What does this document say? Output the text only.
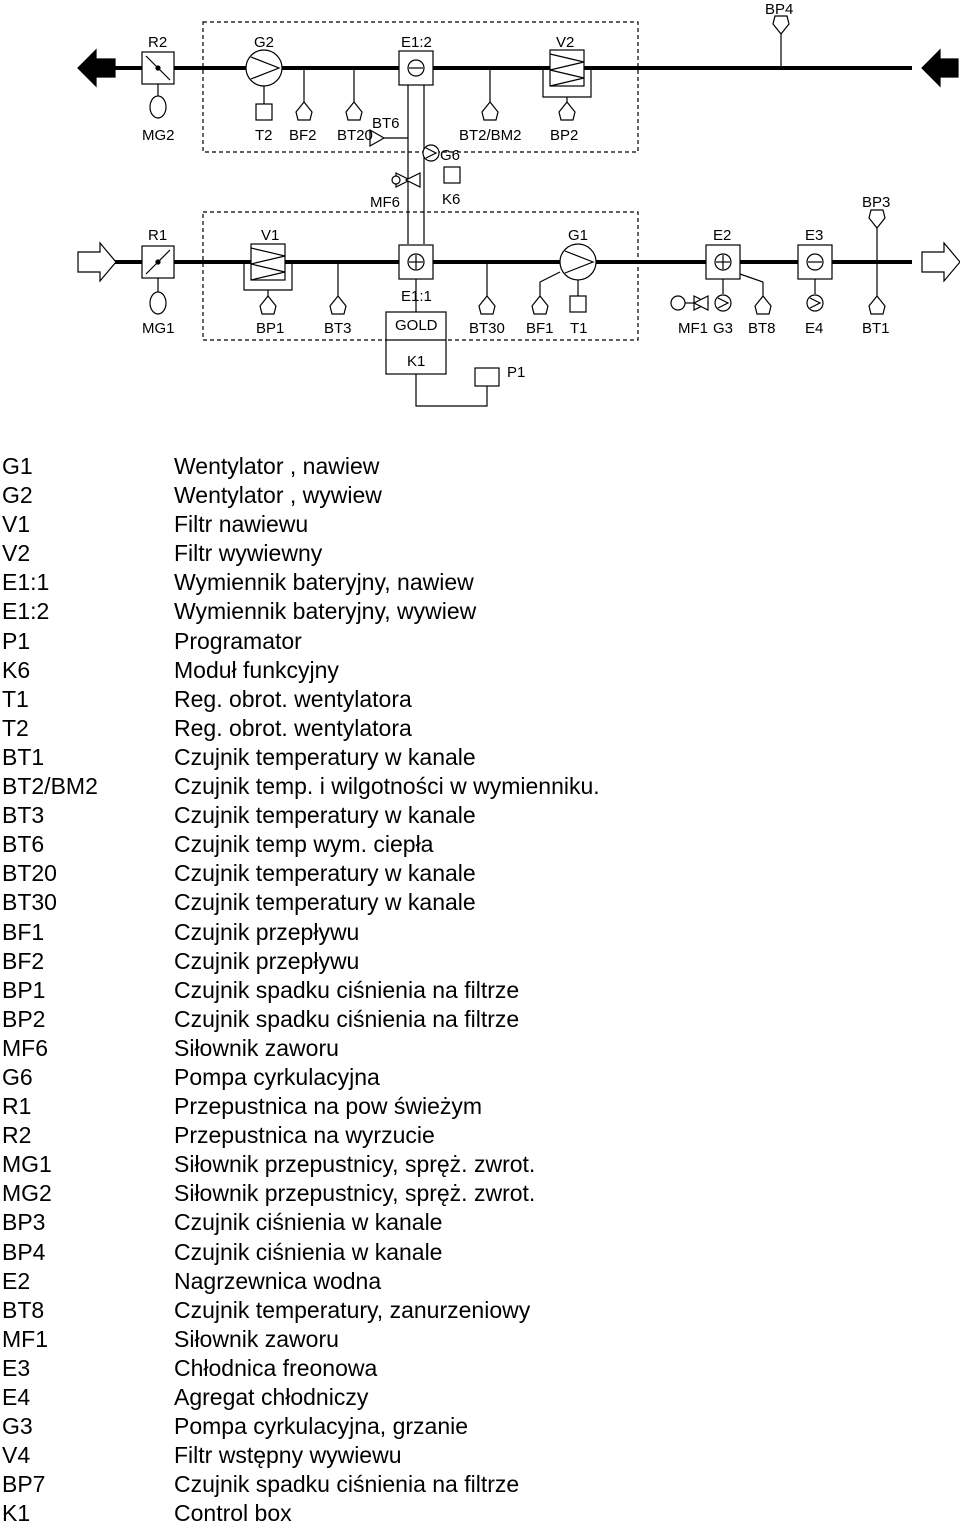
BP4
R2	G2	E1:2	V2
MG2	T2 BF2 BT20
BT6
G6
BT2/BM2 BP2
MF6	K6	BP3
R1	V1	G1	E2	E3
E1:1
MG1	BP1	BT3	GOLD BT30 BF1 T1	MF1 G3 BT8 E4	BT1
K1
P1
G1	Wentylator , nawiew
G2	Wentylator , wywiew
V1	Filtr nawiewu
V2	Filtr wywiewny
E1:1	Wymiennik bateryjny, nawiew
E1:2	Wymiennik bateryjny, wywiew
P1	Programator
K6	Moduł funkcyjny
T1	Reg. obrot. wentylatora
T2	Reg. obrot. wentylatora
BT1	Czujnik temperatury w kanale
BT2/BM2	Czujnik temp. i wilgotności w wymienniku.
BT3	Czujnik temperatury w kanale
BT6	Czujnik temp wym. ciepła
BT20	Czujnik temperatury w kanale
BT30	Czujnik temperatury w kanale
BF1	Czujnik przepływu
BF2	Czujnik przepływu
BP1	Czujnik spadku ciśnienia na filtrze
BP2	Czujnik spadku ciśnienia na filtrze
MF6	Siłownik zaworu
G6	Pompa cyrkulacyjna
R1	Przepustnica na pow świeżym
R2	Przepustnica na wyrzucie
MG1	Siłownik przepustnicy, spręż. zwrot.
MG2	Siłownik przepustnicy, spręż. zwrot.
BP3	Czujnik ciśnienia w kanale
BP4	Czujnik ciśnienia w kanale
E2	Nagrzewnica wodna
BT8	Czujnik temperatury, zanurzeniowy
MF1	Siłownik zaworu
E3	Chłodnica freonowa
E4	Agregat chłodniczy
G3	Pompa cyrkulacyjna, grzanie
V4	Filtr wstępny wywiewu
BP7	Czujnik spadku ciśnienia na filtrze
K1	Control box
